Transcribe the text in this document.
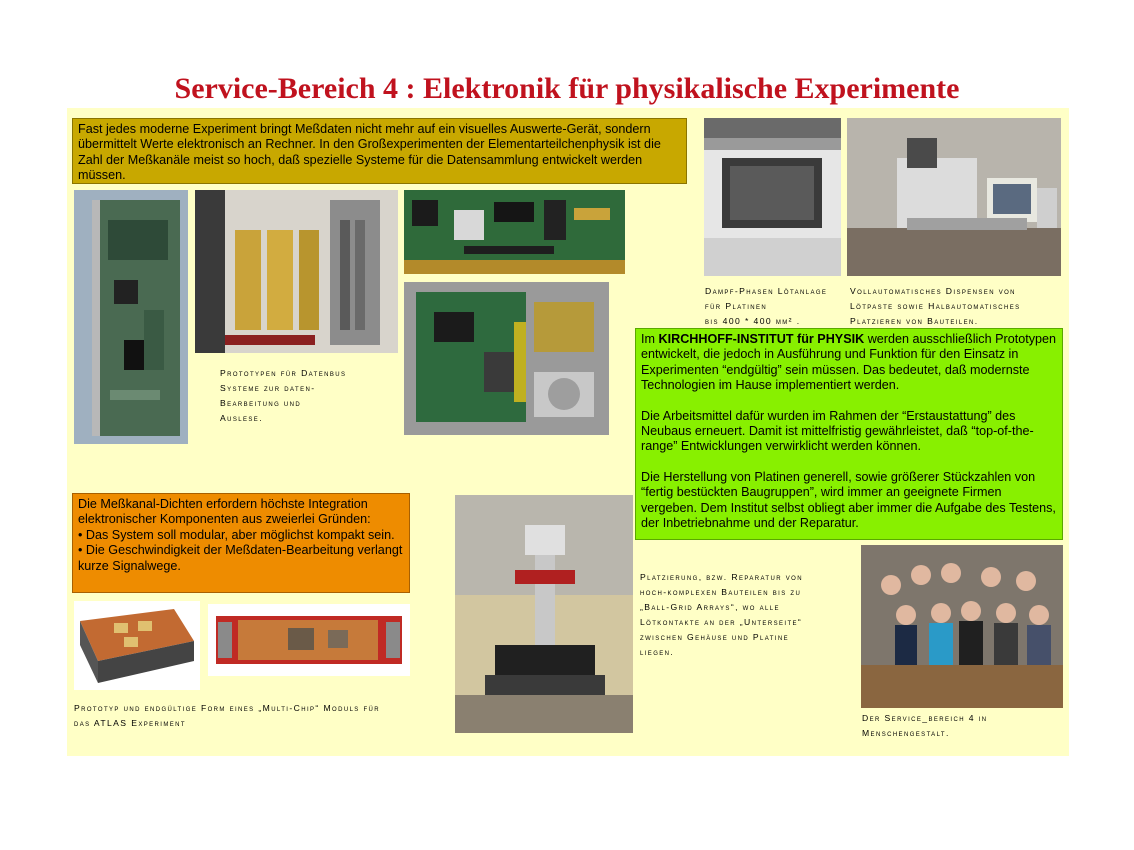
Service-Bereich 4 : Elektronik für physikalische Experimente

Fast jedes moderne Experiment bringt Meßdaten nicht mehr auf ein visuelles Auswerte-Gerät, sondern übermittelt Werte elektronisch an Rechner. In den Großexperimenten der Elementarteilchenphysik ist die Zahl der Meßkanäle meist so hoch, daß spezielle Systeme für die Datensammlung entwickelt werden müssen.

Prototypen für Datenbus
Systeme zur daten-
Bearbeitung und
Auslese.
Dampf-Phasen Lötanlage
für Platinen
bis 400 * 400 mm² .
Vollautomatisches Dispensen von
Lötpaste sowie Halbautomatisches
Platzieren von Bauteilen.
Platzierung, bzw. Reparatur von
hoch-komplexen Bauteilen bis zu
„Ball-Grid Arrays“, wo alle
Lötkontakte an der „Unterseite“
zwischen Gehäuse und Platine
liegen.
Prototyp und endgültige Form eines „Multi-Chip“ Moduls für
das ATLAS Experiment	Der Service_bereich 4 in
Menschengestalt.

Im KIRCHHOFF-INSTITUT für PHYSIK werden ausschließlich Prototypen entwickelt, die jedoch in Ausführung und Funktion für den Einsatz in Experimenten “endgültig” sein müssen. Das bedeutet, daß modernste Technologien im Hause implementiert werden.

Die Arbeitsmittel dafür wurden im Rahmen der “Erstaustattung” des Neubaus erneuert. Damit ist mittelfristig gewährleistet, daß “top-of-the-range” Entwicklungen verwirklicht werden können.

Die Herstellung von Platinen generell, sowie größerer Stückzahlen von “fertig bestückten Baugruppen”, wird immer an geeignete Firmen vergeben. Dem Institut selbst obliegt aber immer die Aufgabe des Testens, der Inbetriebnahme und der Reparatur.

Die Meßkanal-Dichten erfordern höchste Integration elektronischer Komponenten aus zweierlei Gründen:

• Das System soll modular, aber möglichst kompakt sein.

• Die Geschwindigkeit der Meßdaten-Bearbeitung verlangt kurze Signalwege.
